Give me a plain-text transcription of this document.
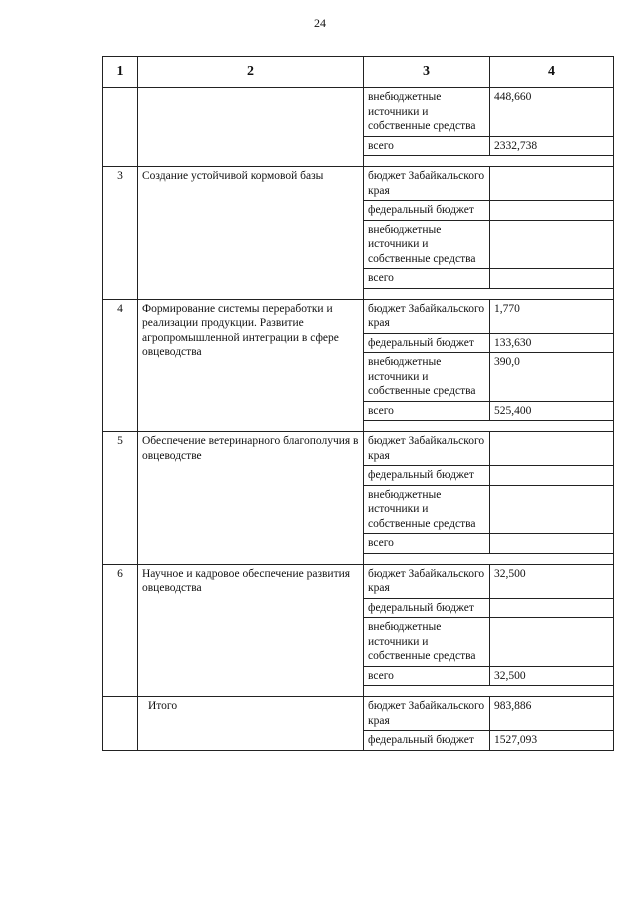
24
1	2	3	4
		внебюджетные источники и собственные средства	448,660
		всего	2332,738

3	Создание устойчивой кормовой базы	бюджет Забайкальского края	
		федеральный бюджет	
		внебюджетные источники и собственные средства	
		всего	

4	Формирование системы переработки и реализации продукции. Развитие агропромышленной интеграции в сфере овцеводства	бюджет Забайкальского края	1,770
		федеральный бюджет	133,630
		внебюджетные источники и собственные средства	390,0
		всего	525,400

5	Обеспечение ветеринарного благополучия в овцеводстве	бюджет Забайкальского края	
		федеральный бюджет	
		внебюджетные источники и собственные средства	
		всего	

6	Научное и кадровое обеспечение развития овцеводства	бюджет Забайкальского края	32,500
		федеральный бюджет	
		внебюджетные источники и собственные средства	
		всего	32,500

	Итого	бюджет Забайкальского края	983,886
		федеральный бюджет	1527,093
